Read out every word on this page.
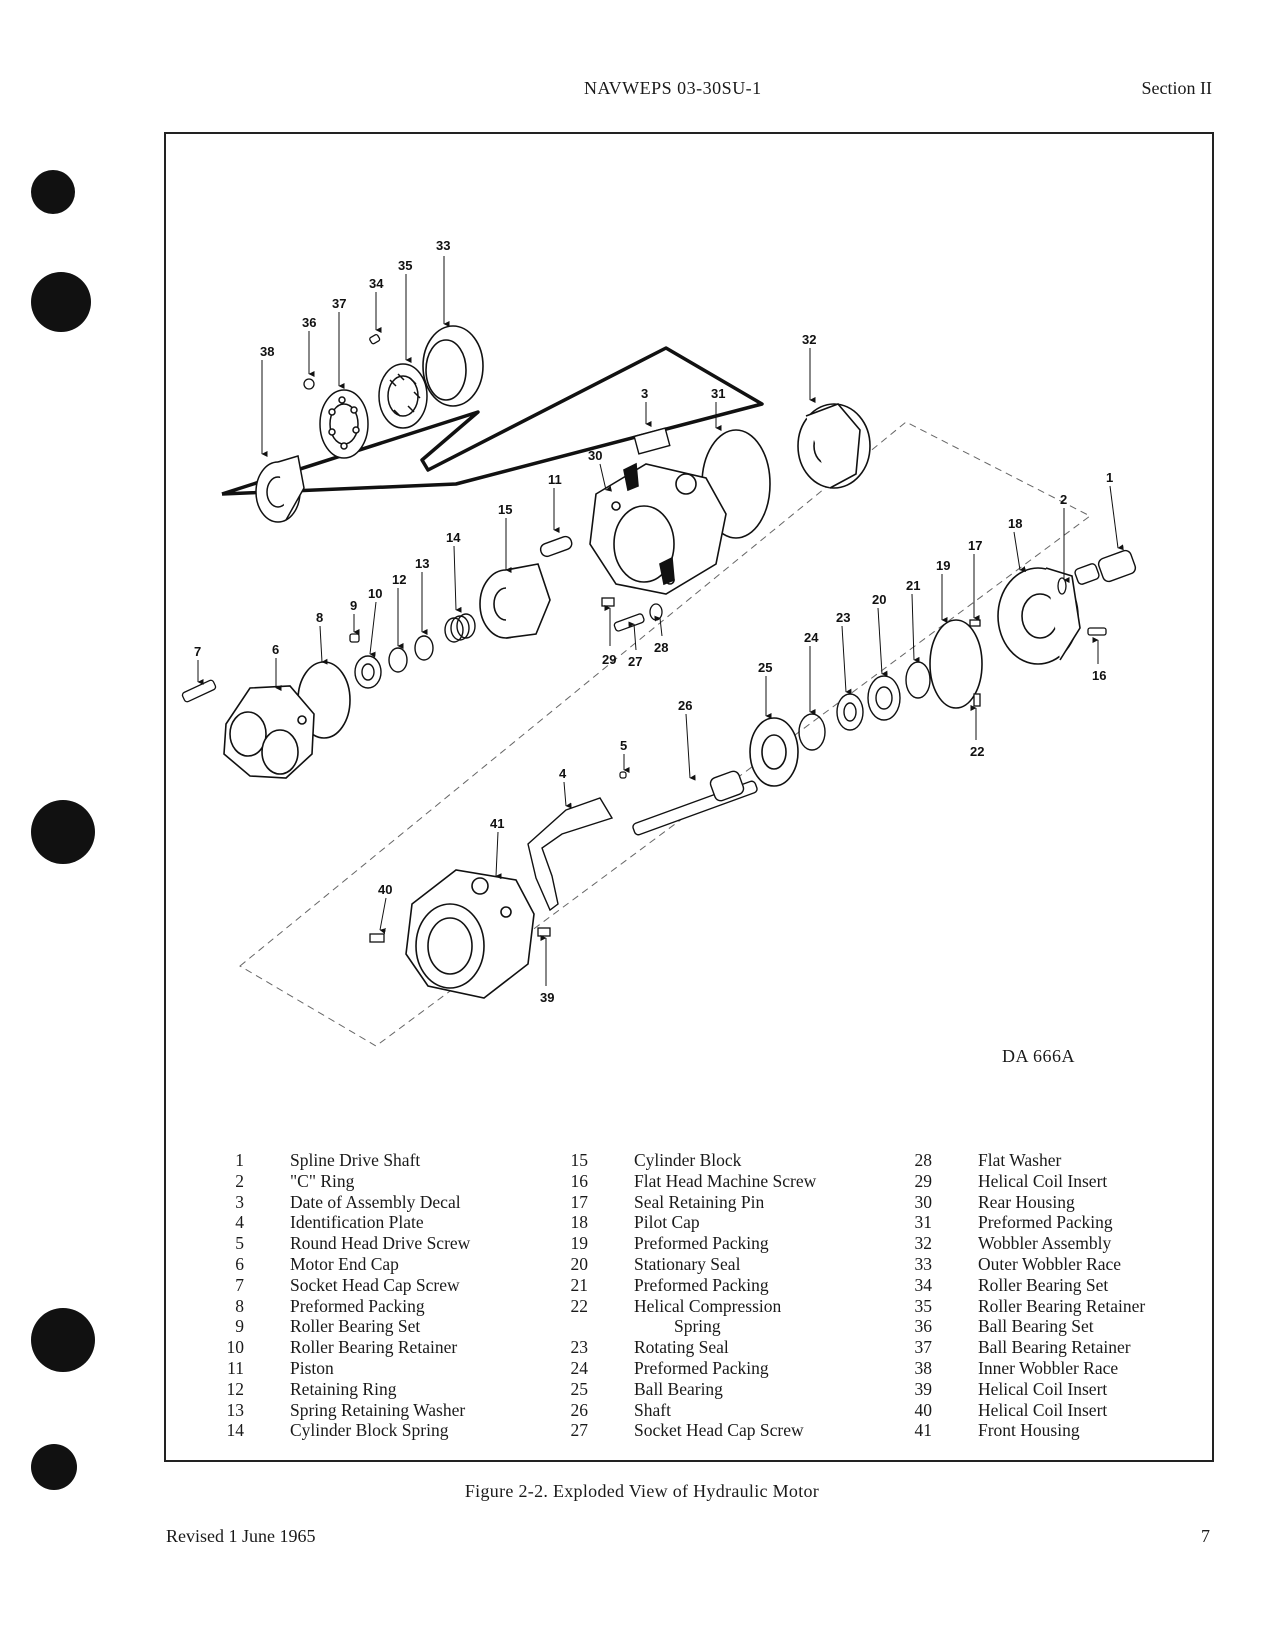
NAVWEPS 03-30SU-1	Section II
38
36
37
34
35
33
32
31
3
30
11
15
14
13
12
10
9
8
6
7
1
2
18
17
19
21
20
23
24
25
26
5
4
41
40
29 27
28
16
22
39
DA 666A
1	Spline Drive Shaft
2	"C" Ring
3	Date of Assembly Decal
4	Identification Plate
5	Round Head Drive Screw
6	Motor End Cap
7	Socket Head Cap Screw
8	Preformed Packing
9	Roller Bearing Set
10	Roller Bearing Retainer
11	Piston
12	Retaining Ring
13	Spring Retaining Washer
14	Cylinder Block Spring
15	Cylinder Block
16	Flat Head Machine Screw
17	Seal Retaining Pin
18	Pilot Cap
19	Preformed Packing
20	Stationary Seal
21	Preformed Packing
22	Helical Compression
Spring
23	Rotating Seal
24	Preformed Packing
25	Ball Bearing
26	Shaft
27	Socket Head Cap Screw
28	Flat Washer
29	Helical Coil Insert
30	Rear Housing
31	Preformed Packing
32	Wobbler Assembly
33	Outer Wobbler Race
34	Roller Bearing Set
35	Roller Bearing Retainer
36	Ball Bearing Set
37	Ball Bearing Retainer
38	Inner Wobbler Race
39	Helical Coil Insert
40	Helical Coil Insert
41	Front Housing
Figure 2-2. Exploded View of Hydraulic Motor
Revised 1 June 1965	7
